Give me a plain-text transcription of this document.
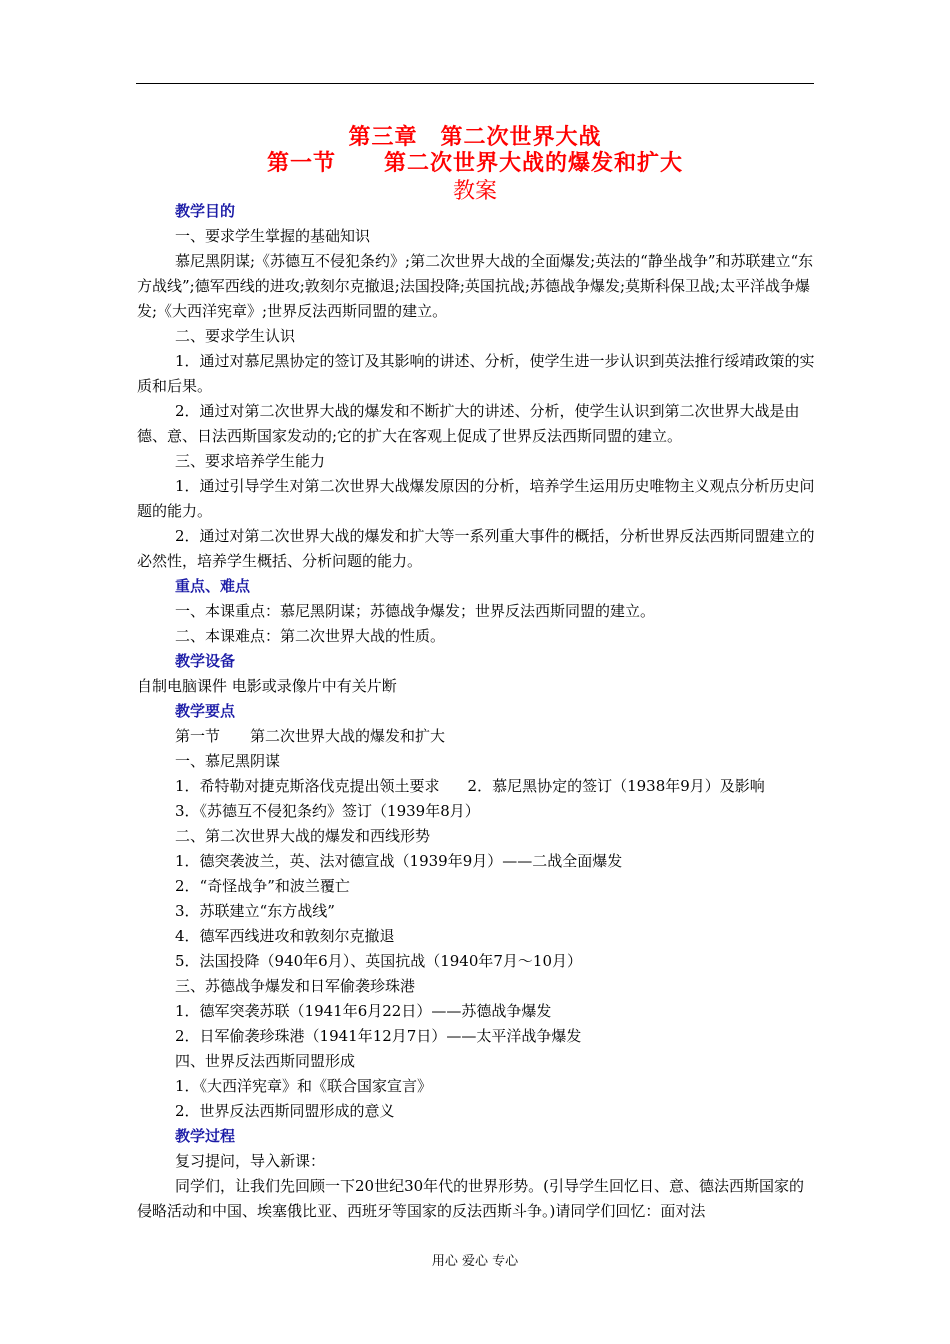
第三章　第二次世界大战
第一节 第二次世界大战的爆发和扩大
教案

教学目的

一、要求学生掌握的基础知识

慕尼黑阴谋;《苏德互不侵犯条约》;第二次世界大战的全面爆发;英法的“静坐战争”和苏联建立“东方战线”;德军西线的进攻;敦刻尔克撤退;法国投降;英国抗战;苏德战争爆发;莫斯科保卫战;太平洋战争爆发;《大西洋宪章》;世界反法西斯同盟的建立。

二、要求学生认识

1．通过对慕尼黑协定的签订及其影响的讲述、分析，使学生进一步认识到英法推行绥靖政策的实质和后果。

2．通过对第二次世界大战的爆发和不断扩大的讲述、分析，使学生认识到第二次世界大战是由德、意、日法西斯国家发动的;它的扩大在客观上促成了世界反法西斯同盟的建立。

三、要求培养学生能力

1．通过引导学生对第二次世界大战爆发原因的分析，培养学生运用历史唯物主义观点分析历史问题的能力。

2．通过对第二次世界大战的爆发和扩大等一系列重大事件的概括，分析世界反法西斯同盟建立的必然性，培养学生概括、分析问题的能力。

重点、难点

一、本课重点：慕尼黑阴谋；苏德战争爆发；世界反法西斯同盟的建立。

二、本课难点：第二次世界大战的性质。

教学设备

自制电脑课件 电影或录像片中有关片断

教学要点

第一节 第二次世界大战的爆发和扩大

一、慕尼黑阴谋

1．希特勒对捷克斯洛伐克提出领土要求 2．慕尼黑协定的签订（1938年9月）及影响

3．《苏德互不侵犯条约》签订（1939年8月）

二、第二次世界大战的爆发和西线形势

1．德突袭波兰，英、法对德宣战（1939年9月）——二战全面爆发

2．“奇怪战争”和波兰覆亡

3．苏联建立“东方战线”

4．德军西线进攻和敦刻尔克撤退

5．法国投降（940年6月）、英国抗战（1940年7月～10月）

三、苏德战争爆发和日军偷袭珍珠港

1．德军突袭苏联（1941年6月22日）——苏德战争爆发

2．日军偷袭珍珠港（1941年12月7日）——太平洋战争爆发

四、世界反法西斯同盟形成

1．《大西洋宪章》和《联合国家宣言》

2．世界反法西斯同盟形成的意义

教学过程

复习提问，导入新课：

同学们，让我们先回顾一下20世纪30年代的世界形势。(引导学生回忆日、意、德法西斯国家的侵略活动和中国、埃塞俄比亚、西班牙等国家的反法西斯斗争。)请同学们回忆：面对法

用心 爱心 专心
